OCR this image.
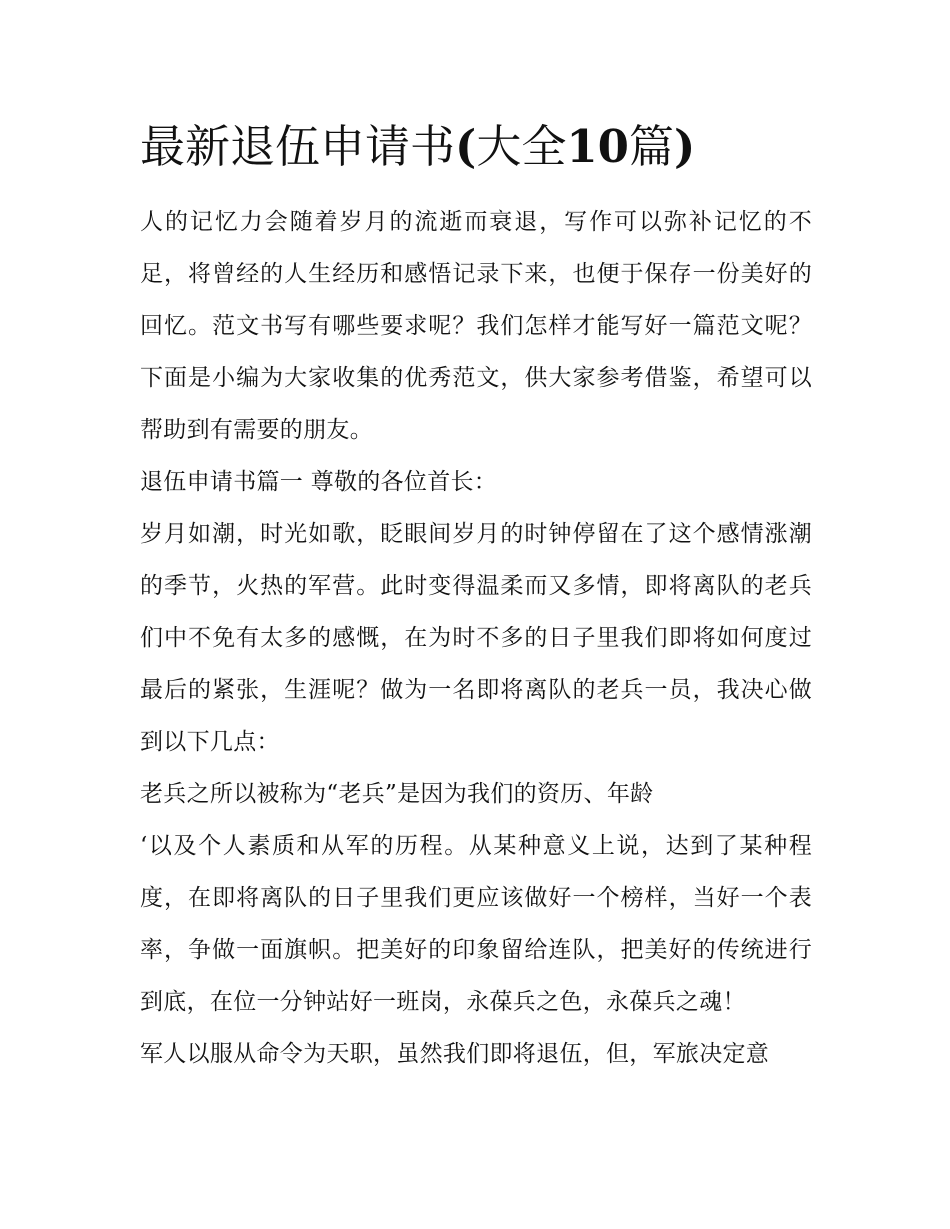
最新退伍申请书(大全10篇)

人的记忆力会随着岁月的流逝而衰退，写作可以弥补记忆的不足，将曾经的人生经历和感悟记录下来，也便于保存一份美好的回忆。范文书写有哪些要求呢？我们怎样才能写好一篇范文呢？下面是小编为大家收集的优秀范文，供大家参考借鉴，希望可以帮助到有需要的朋友。

退伍申请书篇一 尊敬的各位首长：

岁月如潮，时光如歌，眨眼间岁月的时钟停留在了这个感情涨潮的季节，火热的军营。此时变得温柔而又多情，即将离队的老兵们中不免有太多的感慨，在为时不多的日子里我们即将如何度过最后的紧张，生涯呢？做为一名即将离队的老兵一员，我决心做到以下几点：

老兵之所以被称为“老兵”是因为我们的资历、年龄

‘以及个人素质和从军的历程。从某种意义上说，达到了某种程度，在即将离队的日子里我们更应该做好一个榜样，当好一个表率，争做一面旗帜。把美好的印象留给连队，把美好的传统进行到底，在位一分钟站好一班岗，永葆兵之色，永葆兵之魂！

军人以服从命令为天职，虽然我们即将退伍，但，军旅决定意
